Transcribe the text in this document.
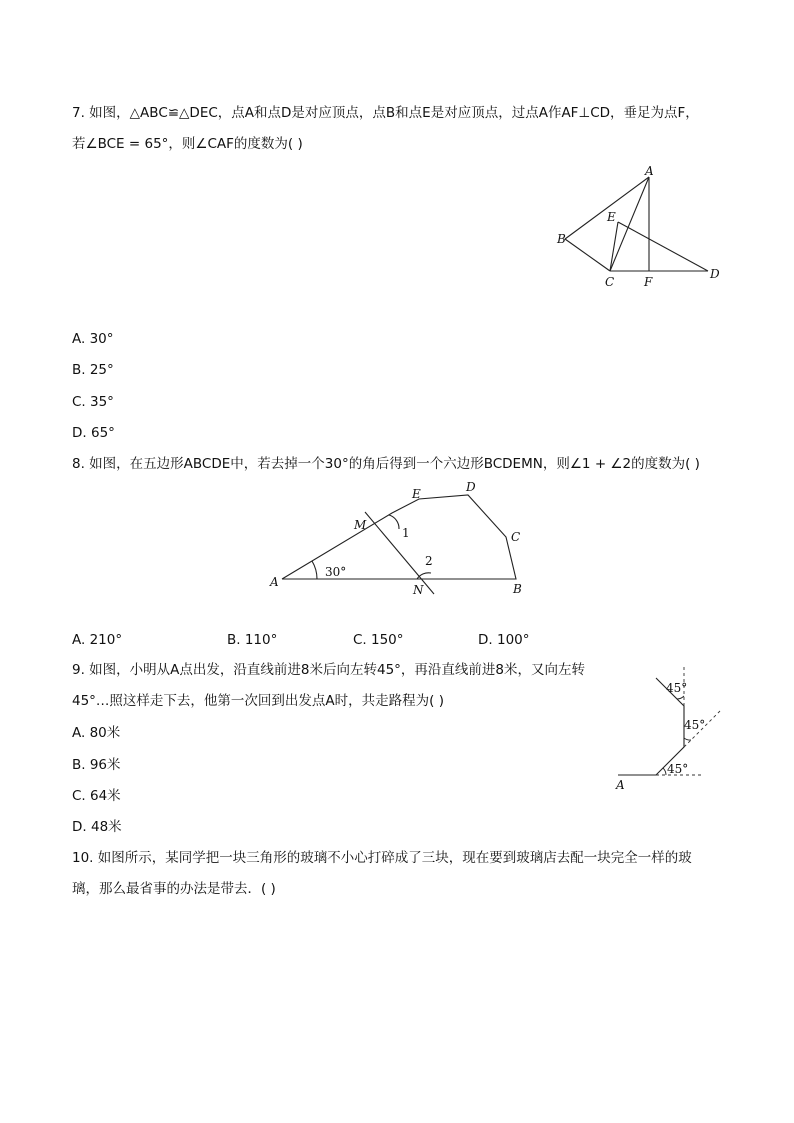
7. 如图，△ABC≌△DEC，点A和点D是对应顶点，点B和点E是对应顶点，过点A作AF⊥CD，垂足为点F，
若∠BCE = 65°，则∠CAF的度数为( )
A
B
C
D
E
F
A. 30°
B. 25°
C. 35°
D. 65°
8. 如图，在五边形ABCDE中，若去掉一个30°的角后得到一个六边形BCDEMN，则∠1 + ∠2的度数为( )
A	B
C
D
E
M
N
1
2
30°
A. 210°	B. 110°	C. 150°	D. 100°
9. 如图，小明从A点出发，沿直线前进8米后向左转45°，再沿直线前进8米，又向左转
45°…照这样走下去，他第一次回到出发点A时，共走路程为( )
A
45°
45°
45°
A. 80米
B. 96米
C. 64米
D. 48米
10. 如图所示，某同学把一块三角形的玻璃不小心打碎成了三块，现在要到玻璃店去配一块完全一样的玻
璃，那么最省事的办法是带去．( )
